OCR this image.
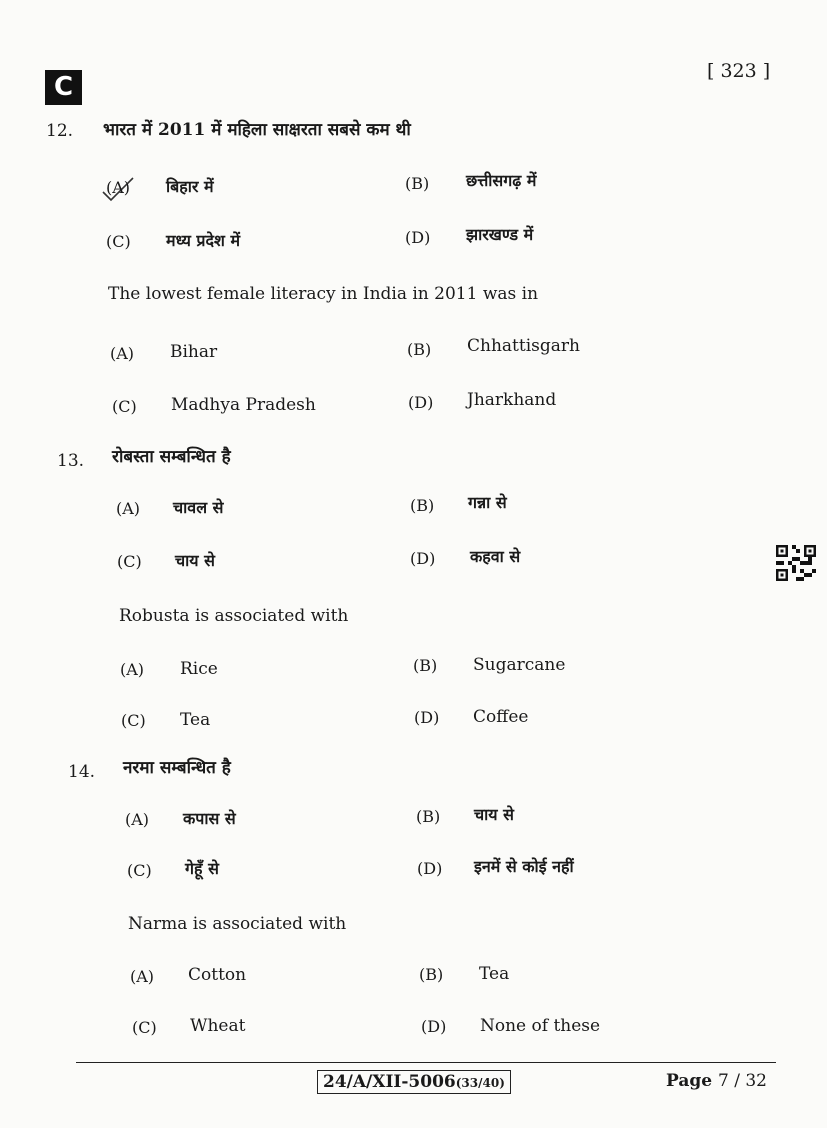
C
[ 323 ]
12. भारत में 2011 में महिला साक्षरता सबसे कम थी
(A) बिहार में	(B) छत्तीसगढ़ में
(C) मध्य प्रदेश में	(D) झारखण्ड में
The lowest female literacy in India in 2011 was in
(A) Bihar	(B) Chhattisgarh
(C) Madhya Pradesh	(D) Jharkhand
13. रोबस्ता सम्बन्धित है
(A) चावल से	(B) गन्ना से
(C) चाय से	(D) कहवा से
Robusta is associated with
(A) Rice	(B) Sugarcane
(C) Tea	(D) Coffee
14. नरमा सम्बन्धित है
(A) कपास से	(B) चाय से
(C) गेहूँ से	(D) इनमें से कोई नहीं
Narma is associated with
(A) Cotton	(B) Tea
(C) Wheat	(D) None of these
24/A/XII-5006(33/40)	Page 7 / 32
